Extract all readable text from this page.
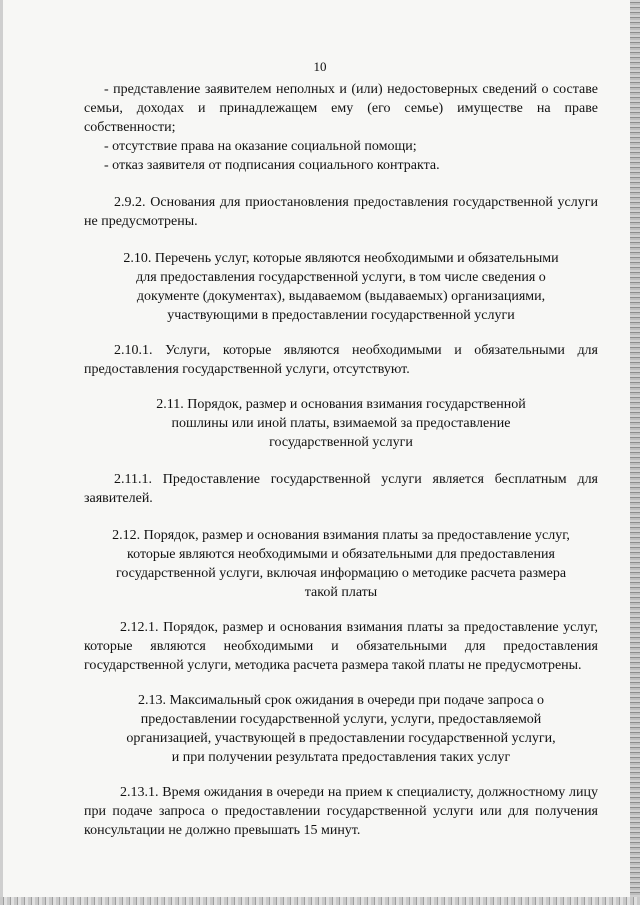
10

- представление заявителем неполных и (или) недостоверных сведений о составе семьи, доходах и принадлежащем ему (его семье) имуществе на праве собственности;

- отсутствие права на оказание социальной помощи;

- отказ заявителя от подписания социального контракта.

2.9.2. Основания для приостановления предоставления государственной услуги не предусмотрены.

2.10. Перечень услуг, которые являются необходимыми и обязательными для предоставления государственной услуги, в том числе сведения о документе (документах), выдаваемом (выдаваемых) организациями, участвующими в предоставлении государственной услуги

2.10.1. Услуги, которые являются необходимыми и обязательными для предоставления государственной услуги, отсутствуют.

2.11. Порядок, размер и основания взимания государственной пошлины или иной платы, взимаемой за предоставление государственной услуги

2.11.1. Предоставление государственной услуги является бесплатным для заявителей.

2.12. Порядок, размер и основания взимания платы за предоставление услуг, которые являются необходимыми и обязательными для предоставления государственной услуги, включая информацию о методике расчета размера такой платы

2.12.1. Порядок, размер и основания взимания платы за предоставление услуг, которые являются необходимыми и обязательными для предоставления государственной услуги, методика расчета размера такой платы не предусмотрены.

2.13. Максимальный срок ожидания в очереди при подаче запроса о предоставлении государственной услуги, услуги, предоставляемой организацией, участвующей в предоставлении государственной услуги, и при получении результата предоставления таких услуг

2.13.1. Время ожидания в очереди на прием к специалисту, должностному лицу при подаче запроса о предоставлении государственной услуги или для получения консультации не должно превышать 15 минут.
